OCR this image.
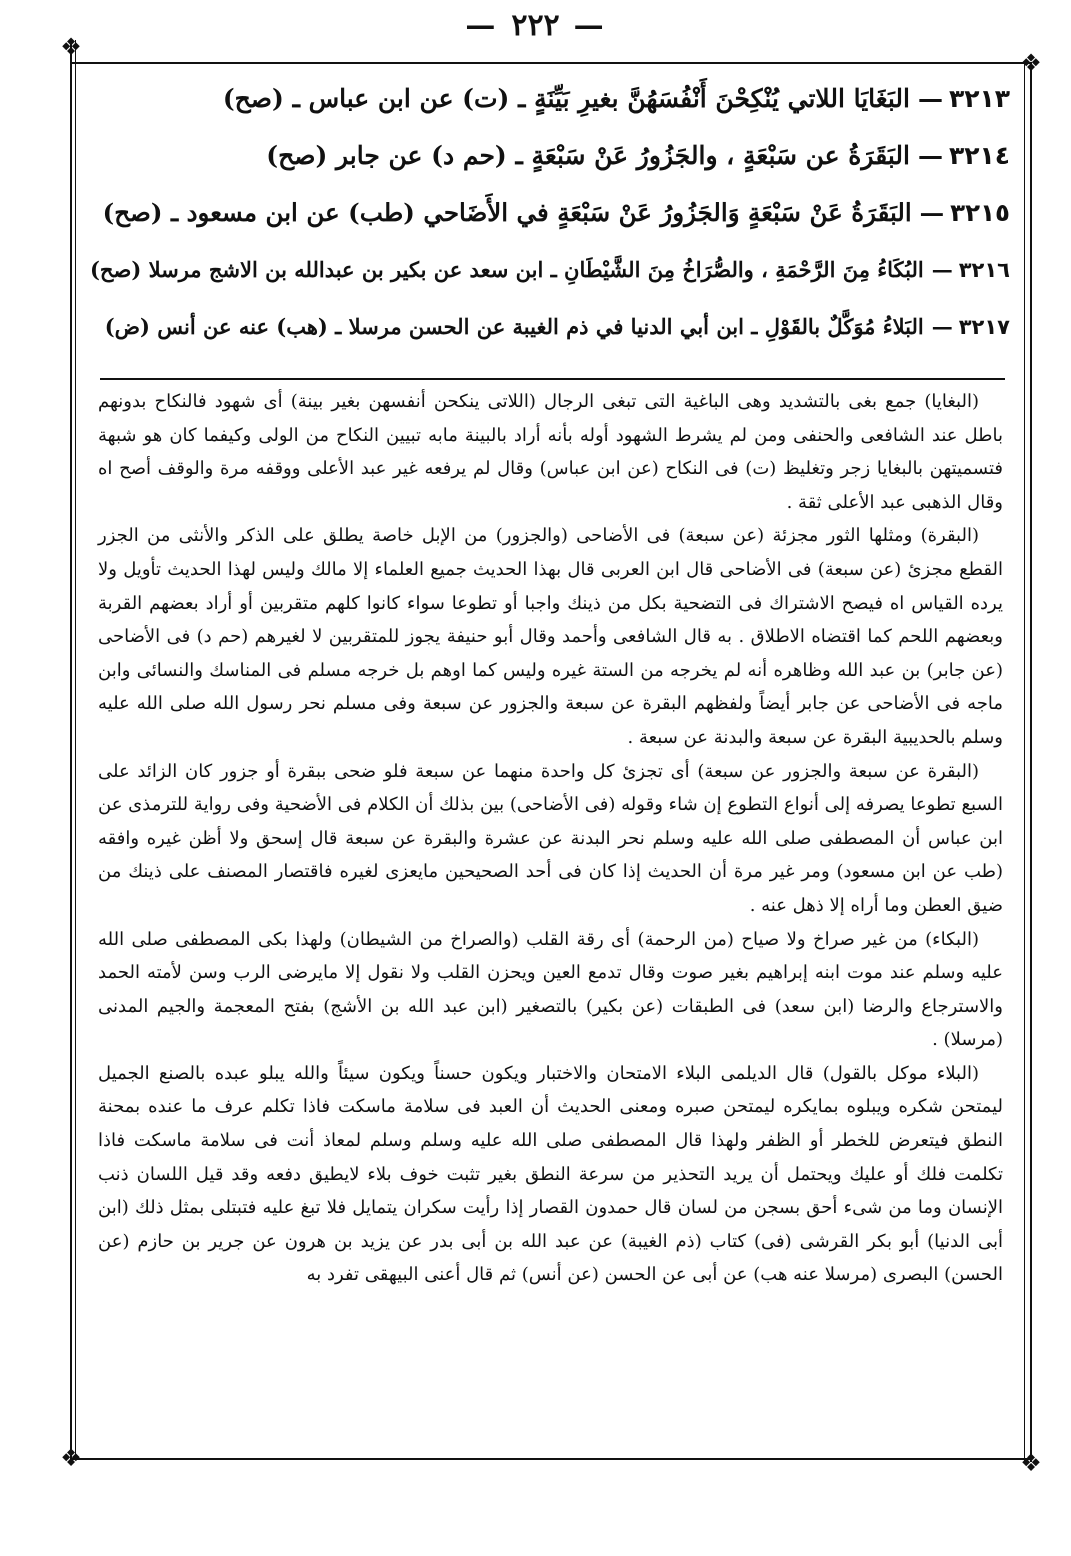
— ٢٢٢ —
❖
❖
❖	❖
٣٢١٣
—
البَغَايَا اللاتي يُنْكِحْنَ أَنْفُسَهُنَّ بغيرِ بَيِّنَةٍ ـ (ت) عن ابن عباس ـ (صح)
٣٢١٤
—
البَقَرَةُ عن سَبْعَةٍ ، والجَزُورُ عَنْ سَبْعَةٍ ـ (حم د) عن جابر (صح)
٣٢١٥
—
البَقَرَةُ عَنْ سَبْعَةٍ وَالجَزُورُ عَنْ سَبْعَةٍ في الأَضَاحي (طب) عن ابن مسعود ـ (صح)
٣٢١٦
—
البُكَاءُ مِنَ الرَّحْمَةِ ، والصُّرَاخُ مِنَ الشَّيْطَانِ ـ ابن سعد عن بكير بن عبدالله بن الاشج مرسلا (صح)
٣٢١٧
—
البَلاءُ مُوَكَّلٌ بالقَوْلِ ـ ابن أبي الدنيا في ذم الغيبة عن الحسن مرسلا ـ (هب) عنه عن أنس (ض)

(البغايا) جمع بغى بالتشديد وهى الباغية التى تبغى الرجال (اللاتى ينكحن أنفسهن بغير بينة) أى شهود فالنكاح بدونهم باطل عند الشافعى والحنفى ومن لم يشرط الشهود أوله بأنه أراد بالبينة مابه تبيين النكاح من الولى وكيفما كان هو شبهة فتسميتهن بالبغايا زجر وتغليظ (ت) فى النكاح (عن ابن عباس) وقال لم يرفعه غير عبد الأعلى ووقفه مرة والوقف أصح اه وقال الذهبى عبد الأعلى ثقة .

(البقرة) ومثلها الثور مجزئة (عن سبعة) فى الأضاحى (والجزور) من الإبل خاصة يطلق على الذكر والأنثى من الجزر القطع مجزئ (عن سبعة) فى الأضاحى قال ابن العربى قال بهذا الحديث جميع العلماء إلا مالك وليس لهذا الحديث تأويل ولا يرده القياس اه فيصح الاشتراك فى التضحية بكل من ذينك واجبا أو تطوعا سواء كانوا كلهم متقربين أو أراد بعضهم القربة وبعضهم اللحم كما اقتضاه الاطلاق . به قال الشافعى وأحمد وقال أبو حنيفة يجوز للمتقربين لا لغيرهم (حم د) فى الأضاحى (عن جابر) بن عبد الله وظاهره أنه لم يخرجه من الستة غيره وليس كما اوهم بل خرجه مسلم فى المناسك والنسائى وابن ماجه فى الأضاحى عن جابر أيضاً ولفظهم البقرة عن سبعة والجزور عن سبعة وفى مسلم نحر رسول الله صلى الله عليه وسلم بالحديبية البقرة عن سبعة والبدنة عن سبعة .

(البقرة عن سبعة والجزور عن سبعة) أى تجزئ كل واحدة منهما عن سبعة فلو ضحى ببقرة أو جزور كان الزائد على السبع تطوعا يصرفه إلى أنواع التطوع إن شاء وقوله (فى الأضاحى) بين بذلك أن الكلام فى الأضحية وفى رواية للترمذى عن ابن عباس أن المصطفى صلى الله عليه وسلم نحر البدنة عن عشرة والبقرة عن سبعة قال إسحق ولا أظن غيره وافقه (طب عن ابن مسعود) ومر غير مرة أن الحديث إذا كان فى أحد الصحيحين مايعزى لغيره فاقتصار المصنف على ذينك من ضيق العطن وما أراه إلا ذهل عنه .

(البكاء) من غير صراخ ولا صياح (من الرحمة) أى رقة القلب (والصراخ من الشيطان) ولهذا بكى المصطفى صلى الله عليه وسلم عند موت ابنه إبراهيم بغير صوت وقال تدمع العين ويحزن القلب ولا نقول إلا مايرضى الرب وسن لأمته الحمد والاسترجاع والرضا (ابن سعد) فى الطبقات (عن بكير) بالتصغير (ابن عبد الله بن الأشج) بفتح المعجمة والجيم المدنى (مرسلا) .

(البلاء موكل بالقول) قال الديلمى البلاء الامتحان والاختبار ويكون حسناً ويكون سيئاً والله يبلو عبده بالصنع الجميل ليمتحن شكره ويبلوه بمايكره ليمتحن صبره ومعنى الحديث أن العبد فى سلامة ماسكت فاذا تكلم عرف ما عنده بمحنة النطق فيتعرض للخطر أو الظفر ولهذا قال المصطفى صلى الله عليه وسلم وسلم لمعاذ أنت فى سلامة ماسكت فاذا تكلمت فلك أو عليك ويحتمل أن يريد التحذير من سرعة النطق بغير تثبت خوف بلاء لايطيق دفعه وقد قيل اللسان ذنب الإنسان وما من شىء أحق بسجن من لسان قال حمدون القصار إذا رأيت سكران يتمايل فلا تبغ عليه فتبتلى بمثل ذلك (ابن أبى الدنيا) أبو بكر القرشى (فى) كتاب (ذم الغيبة) عن عبد الله بن أبى بدر عن يزيد بن هرون عن جرير بن حازم (عن الحسن) البصرى (مرسلا عنه هب) عن أبى عن الحسن (عن أنس) ثم قال أعنى البيهقى تفرد به
